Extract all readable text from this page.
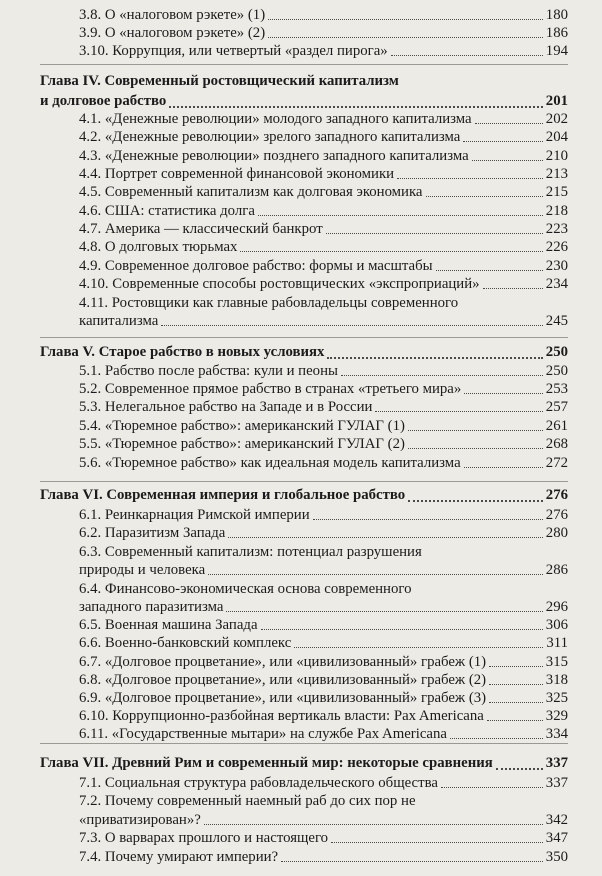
3.8. О «налоговом рэкете» (1)	180
3.9. О «налоговом рэкете» (2)	186
3.10. Коррупция, или четвертый «раздел пирога»	194
Глава IV. Современный ростовщический капитализм
и долговое рабство	201
4.1. «Денежные революции» молодого западного капитализма	202
4.2. «Денежные революции» зрелого западного капитализма	204
4.3. «Денежные революции» позднего западного капитализма	210
4.4. Портрет современной финансовой экономики	213
4.5. Современный капитализм как долговая экономика	215
4.6. США: статистика долга	218
4.7. Америка — классический банкрот	223
4.8. О долговых тюрьмах	226
4.9. Современное долговое рабство: формы и масштабы	230
4.10. Современные способы ростовщических «экспроприаций»	234
4.11. Ростовщики как главные рабовладельцы современного
капитализма	245
Глава V. Старое рабство в новых условиях	250
5.1. Рабство после рабства: кули и пеоны	250
5.2. Современное прямое рабство в странах «третьего мира»	253
5.3. Нелегальное рабство на Западе и в России	257
5.4. «Тюремное рабство»: американский ГУЛАГ (1)	261
5.5. «Тюремное рабство»: американский ГУЛАГ (2)	268
5.6. «Тюремное рабство» как идеальная модель капитализма	272
Глава VI. Современная империя и глобальное рабство	276
6.1. Реинкарнация Римской империи	276
6.2. Паразитизм Запада	280
6.3. Современный капитализм: потенциал разрушения
природы и человека	286
6.4. Финансово-экономическая основа современного
западного паразитизма	296
6.5. Военная машина Запада	306
6.6. Военно-банковский комплекс	311
6.7. «Долговое процветание», или «цивилизованный» грабеж (1)	315
6.8. «Долговое процветание», или «цивилизованный» грабеж (2)	318
6.9. «Долговое процветание», или «цивилизованный» грабеж (3)	325
6.10. Коррупционно-разбойная вертикаль власти: Pax Americana	329
6.11. «Государственные мытари» на службе Pax Americana	334
Глава VII. Древний Рим и современный мир: некоторые сравнения	337
7.1. Социальная структура рабовладельческого общества	337
7.2. Почему современный наемный раб до сих пор не
«приватизирован»?	342
7.3. О варварах прошлого и настоящего	347
7.4. Почему умирают империи?	350
